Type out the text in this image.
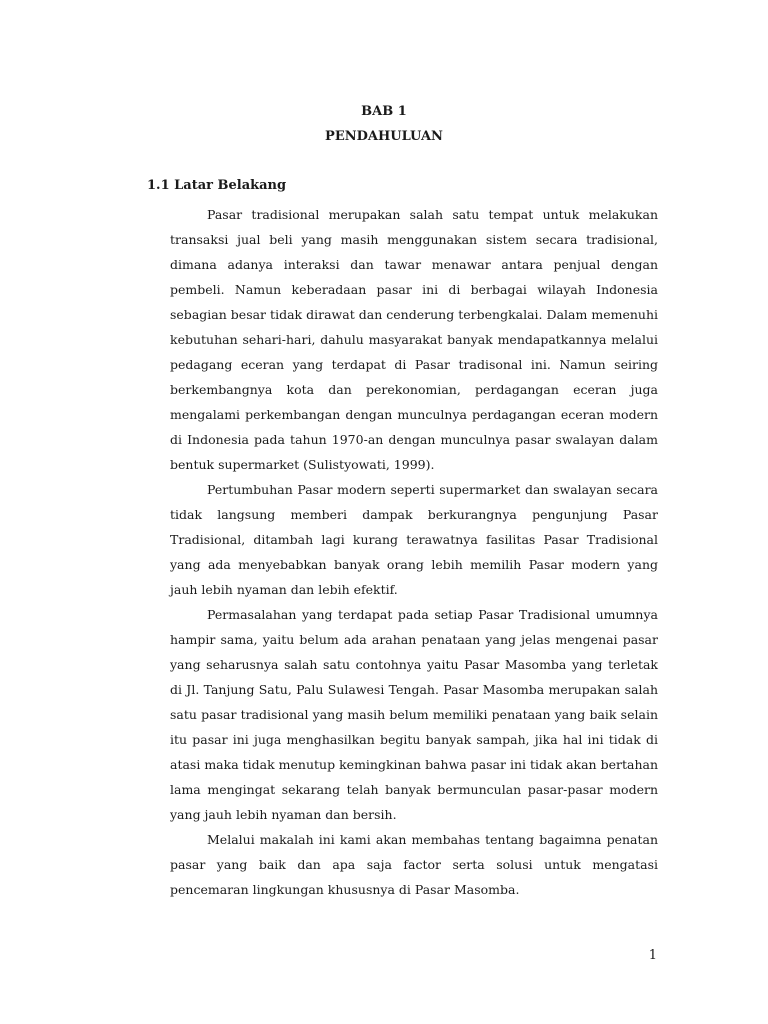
BAB 1
PENDAHULUAN
1.1 Latar Belakang

Pasar tradisional merupakan salah satu tempat untuk melakukan transaksi jual beli yang masih menggunakan sistem secara tradisional, dimana adanya interaksi dan tawar menawar antara penjual dengan pembeli. Namun keberadaan pasar ini di berbagai wilayah Indonesia sebagian besar tidak dirawat dan cenderung terbengkalai. Dalam memenuhi kebutuhan sehari-hari, dahulu masyarakat banyak mendapatkannya melalui pedagang eceran yang terdapat di Pasar tradisonal ini. Namun seiring berkembangnya kota dan perekonomian, perdagangan eceran juga mengalami perkembangan dengan munculnya perdagangan eceran modern di Indonesia pada tahun 1970-an dengan munculnya pasar swalayan dalam bentuk supermarket (Sulistyowati, 1999).

Pertumbuhan Pasar modern seperti supermarket dan swalayan secara tidak langsung memberi dampak berkurangnya pengunjung Pasar Tradisional, ditambah lagi kurang terawatnya fasilitas Pasar Tradisional yang ada menyebabkan banyak orang lebih memilih Pasar modern yang jauh lebih nyaman dan lebih efektif.

Permasalahan yang terdapat pada setiap Pasar Tradisional umumnya hampir sama, yaitu belum ada arahan penataan yang jelas mengenai pasar yang seharusnya salah satu contohnya yaitu Pasar Masomba yang terletak di Jl. Tanjung Satu, Palu Sulawesi Tengah. Pasar Masomba merupakan salah satu pasar tradisional yang masih belum memiliki penataan yang baik selain itu pasar ini juga menghasilkan begitu banyak sampah, jika hal ini tidak di atasi maka tidak menutup kemingkinan bahwa pasar ini tidak akan bertahan lama mengingat sekarang telah banyak bermunculan pasar-pasar modern yang jauh lebih nyaman dan bersih.

Melalui makalah ini kami akan membahas tentang bagaimna penatan pasar yang baik dan apa saja factor serta solusi untuk mengatasi pencemaran lingkungan khususnya di Pasar Masomba.

1
